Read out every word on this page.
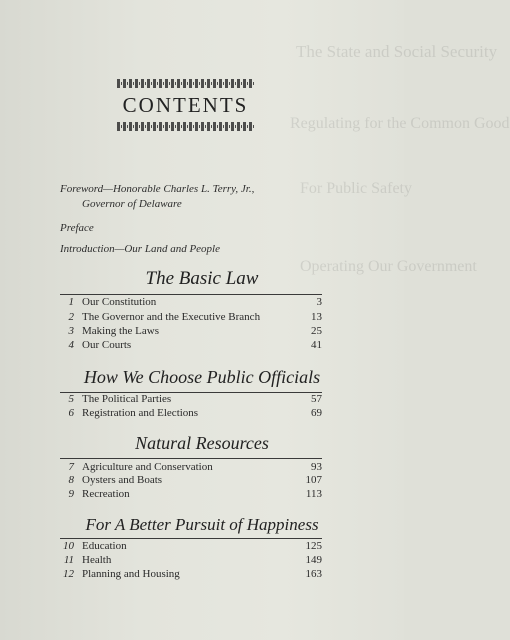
The State and Social Security
Regulating for the Common Good
For Public Safety
Operating Our Government
CONTENTS
Foreword—Honorable Charles L. Terry, Jr.,
Governor of Delaware
Preface
Introduction—Our Land and People
The Basic Law
1 Our Constitution	3
2 The Governor and the Executive Branch	13
3 Making the Laws	25
4 Our Courts	41
How We Choose Public Officials
5 The Political Parties	57
6 Registration and Elections	69
Natural Resources
7 Agriculture and Conservation	93
8 Oysters and Boats	107
9 Recreation	113
For A Better Pursuit of Happiness
10 Education	125
11 Health	149
12 Planning and Housing	163
